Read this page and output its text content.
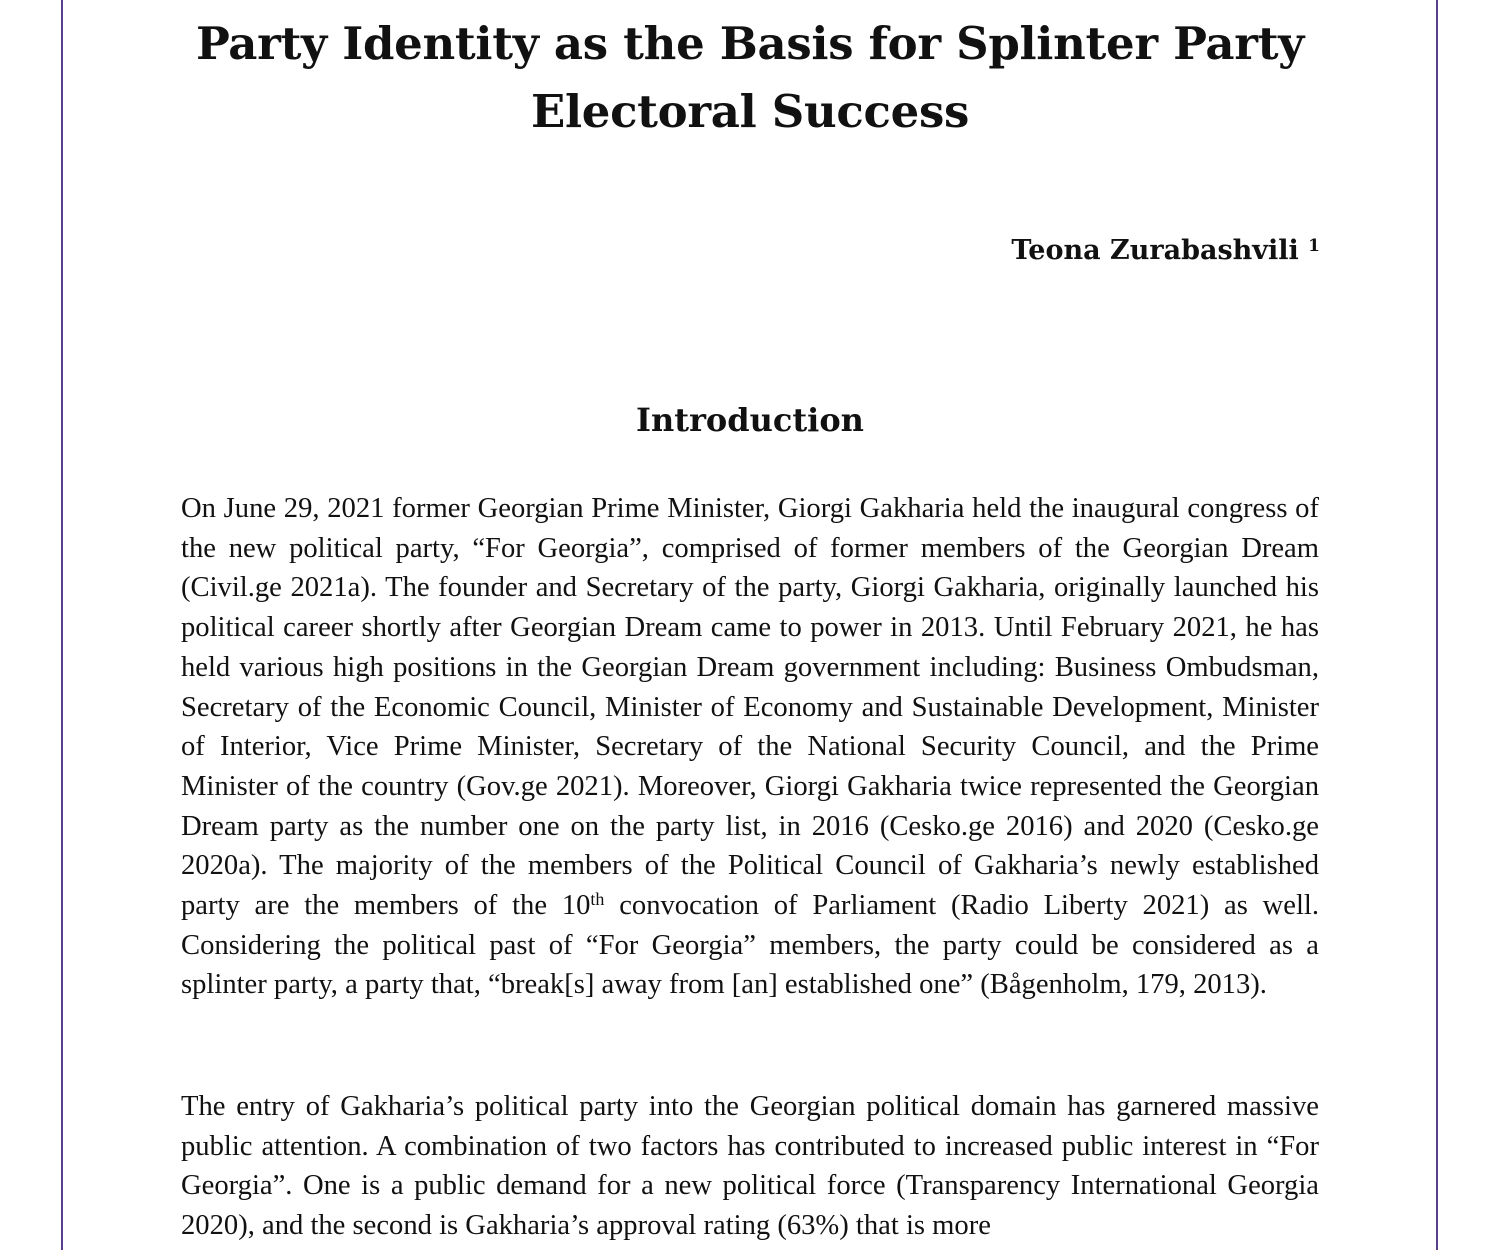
Party Identity as the Basis for Splinter Party Electoral Success

Teona Zurabashvili $^1$

Introduction

On June 29, 2021 former Georgian Prime Minister, Giorgi Gakharia held the inaugural congress of the new political party, “For Georgia”, comprised of former members of the Georgian Dream (Civil.ge 2021a). The founder and Secretary of the party, Giorgi Gakharia, originally launched his political career shortly after Georgian Dream came to power in 2013. Until February 2021, he has held various high positions in the Georgian Dream government including: Business Ombudsman, Secretary of the Economic Council, Minister of Economy and Sustainable Development, Minister of Interior, Vice Prime Minister, Secretary of the National Security Council, and the Prime Minister of the country (Gov.ge 2021). Moreover, Giorgi Gakharia twice represented the Georgian Dream party as the number one on the party list, in 2016 (Cesko.ge 2016) and 2020 (Cesko.ge 2020a). The majority of the members of the Political Council of Gakharia’s newly established party are the members of the 10th convocation of Parliament (Radio Liberty 2021) as well. Considering the political past of “For Georgia” members, the party could be considered as a splinter party, a party that, “break[s] away from [an] established one” (Bågenholm, 179, 2013).

The entry of Gakharia’s political party into the Georgian political domain has garnered massive public attention. A combination of two factors has contributed to increased public interest in “For Georgia”. One is a public demand for a new political force (Transparency International Georgia 2020), and the second is Gakharia’s approval rating (63%) that is more
